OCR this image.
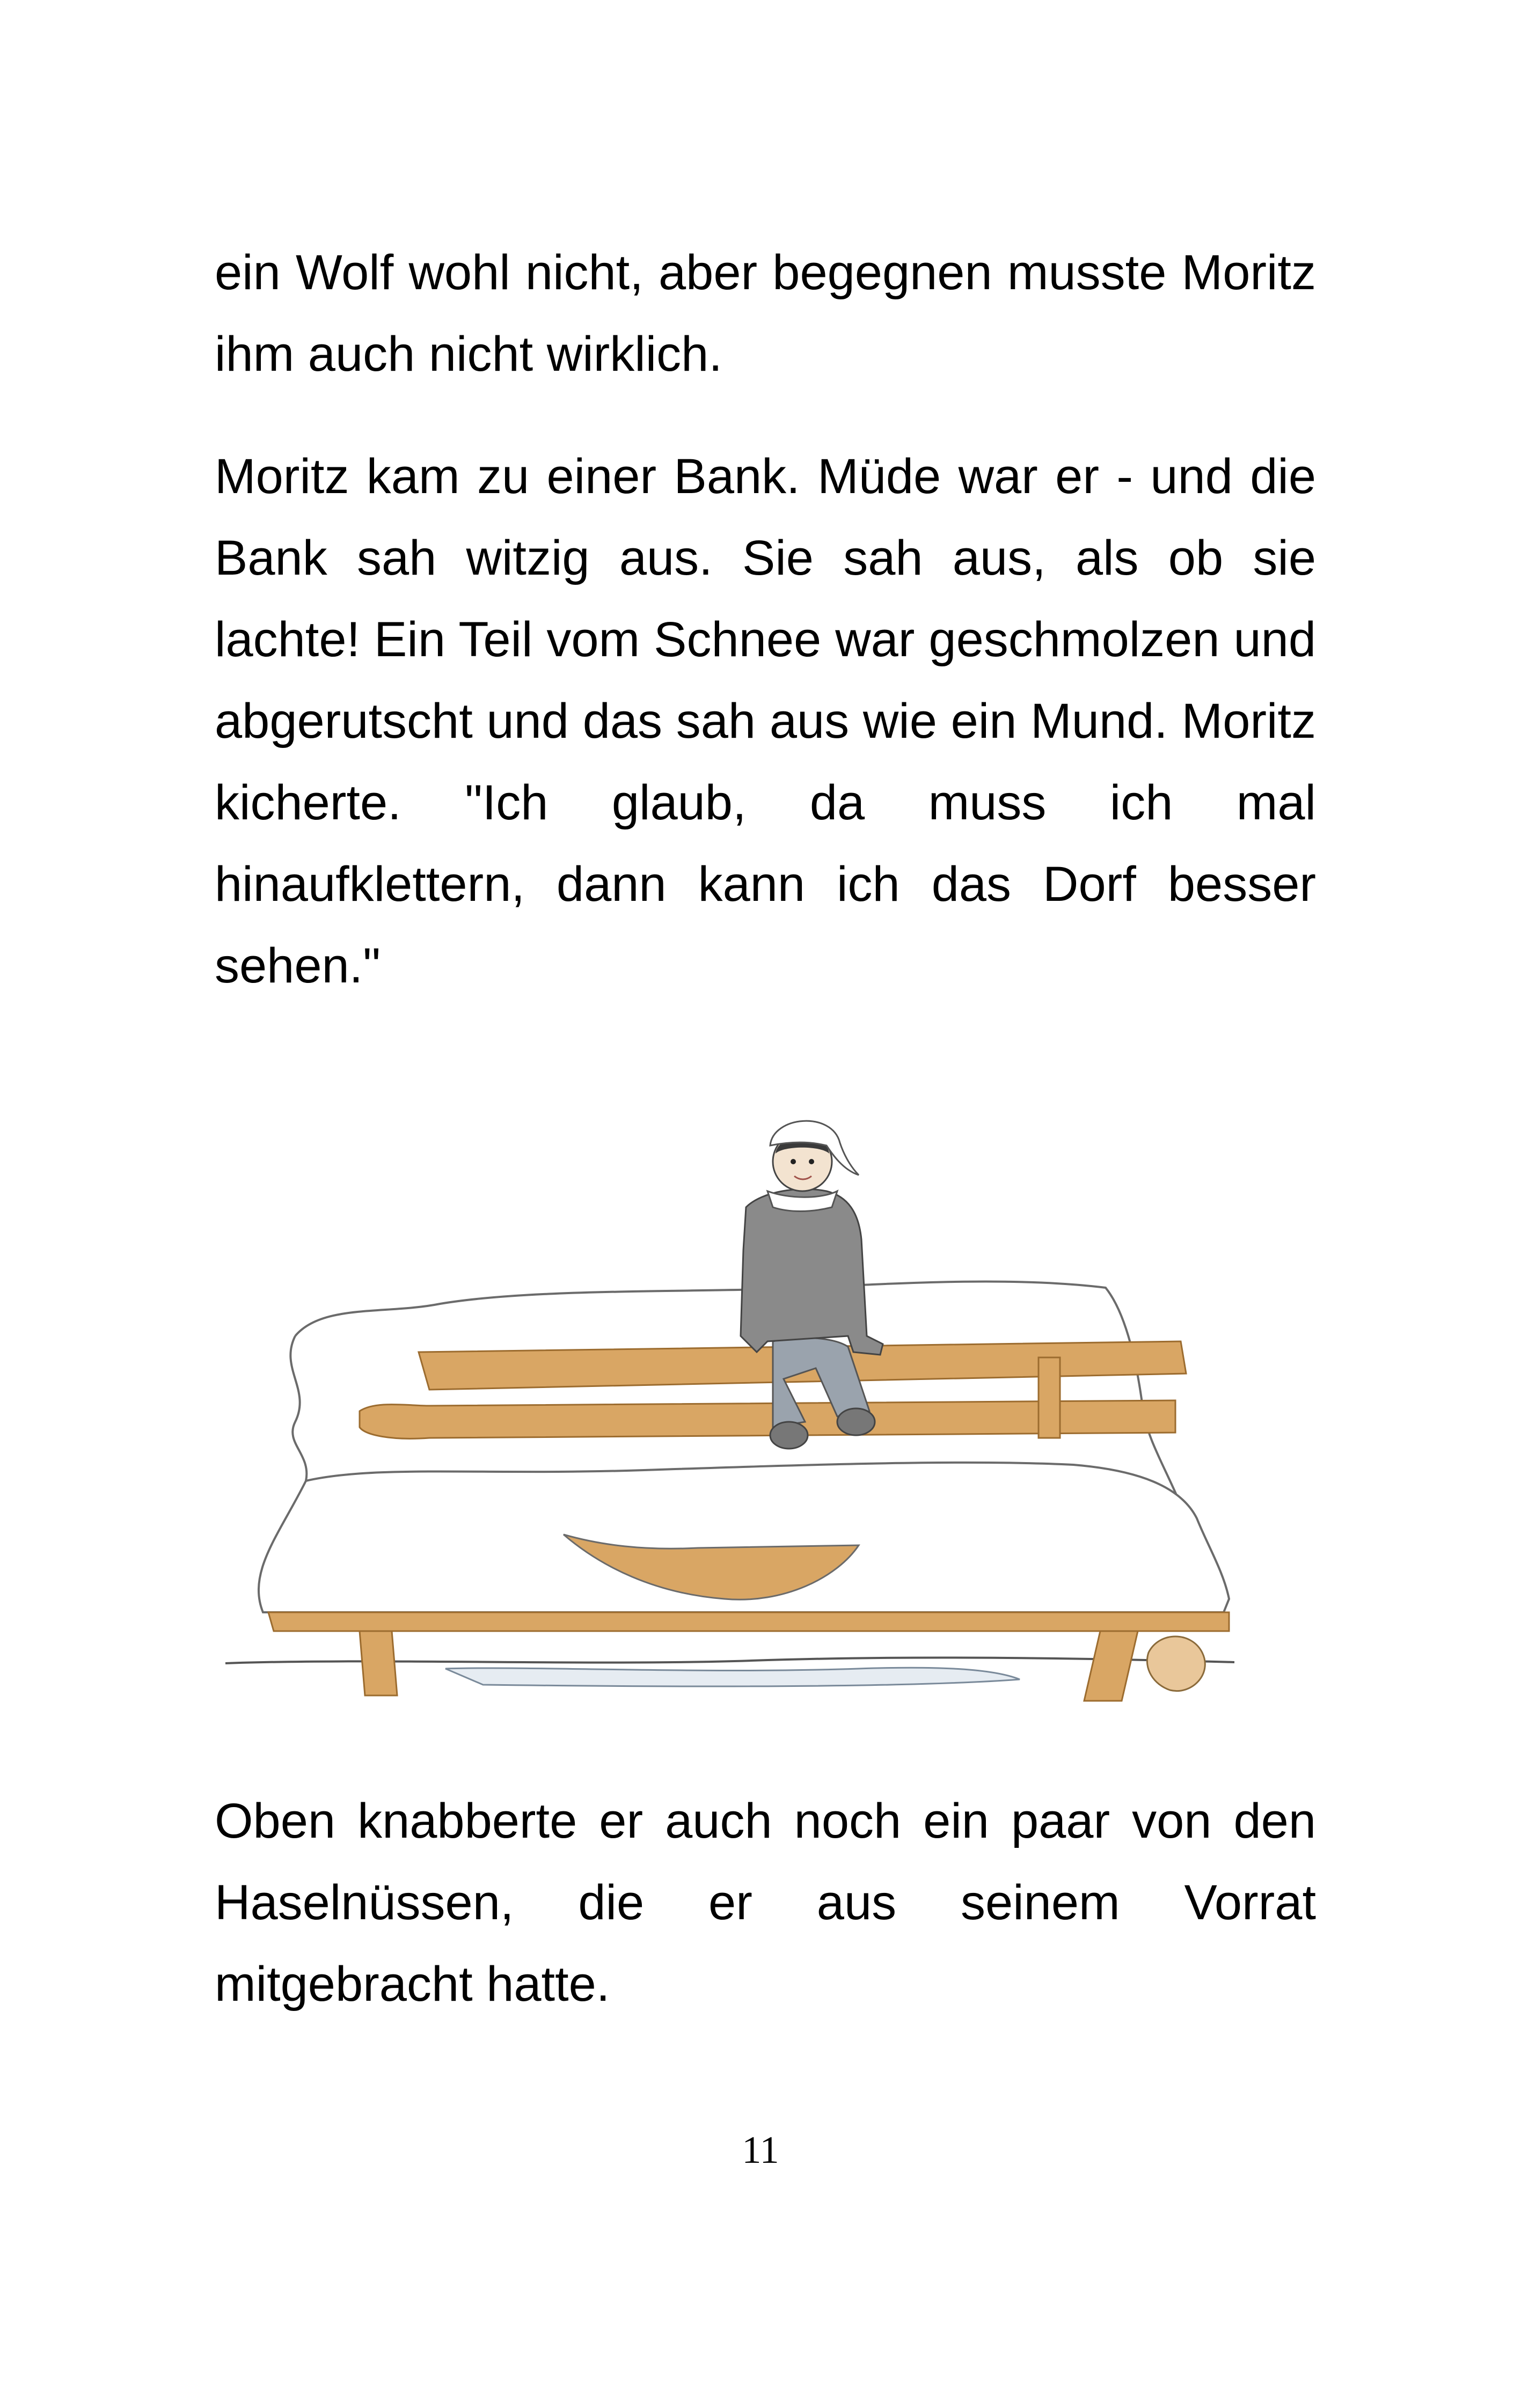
ein Wolf wohl nicht, aber begegnen musste Moritz ihm auch nicht wirklich.

Moritz kam zu einer Bank. Müde war er - und die Bank sah witzig aus. Sie sah aus, als ob sie lachte! Ein Teil vom Schnee war geschmolzen und abgerutscht und das sah aus wie ein Mund. Moritz kicherte. "Ich glaub, da muss ich mal hinaufklettern, dann kann ich das Dorf besser sehen."

Oben knabberte er auch noch ein paar von den Haselnüssen, die er aus seinem Vorrat mitgebracht hatte.

11
